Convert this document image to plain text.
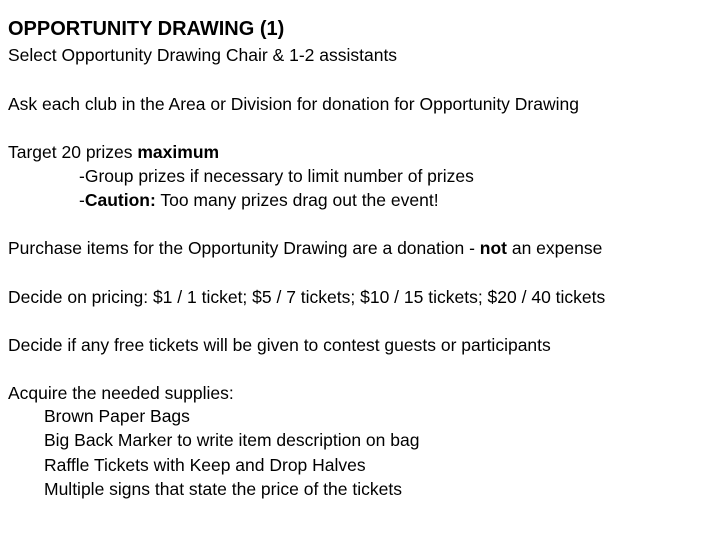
OPPORTUNITY DRAWING (1)
Select Opportunity Drawing Chair & 1-2 assistants
Ask each club in the Area or Division for donation for Opportunity Drawing
Target 20 prizes maximum
-Group prizes if necessary to limit number of prizes
-Caution: Too many prizes drag out the event!
Purchase items for the Opportunity Drawing are a donation - not an expense
Decide on pricing: $1 / 1 ticket; $5 / 7 tickets; $10 / 15 tickets; $20 / 40 tickets
Decide if any free tickets will be given to contest guests or participants
Acquire the needed supplies:
Brown Paper Bags
Big Back Marker to write item description on bag
Raffle Tickets with Keep and Drop Halves
Multiple signs that state the price of the tickets
